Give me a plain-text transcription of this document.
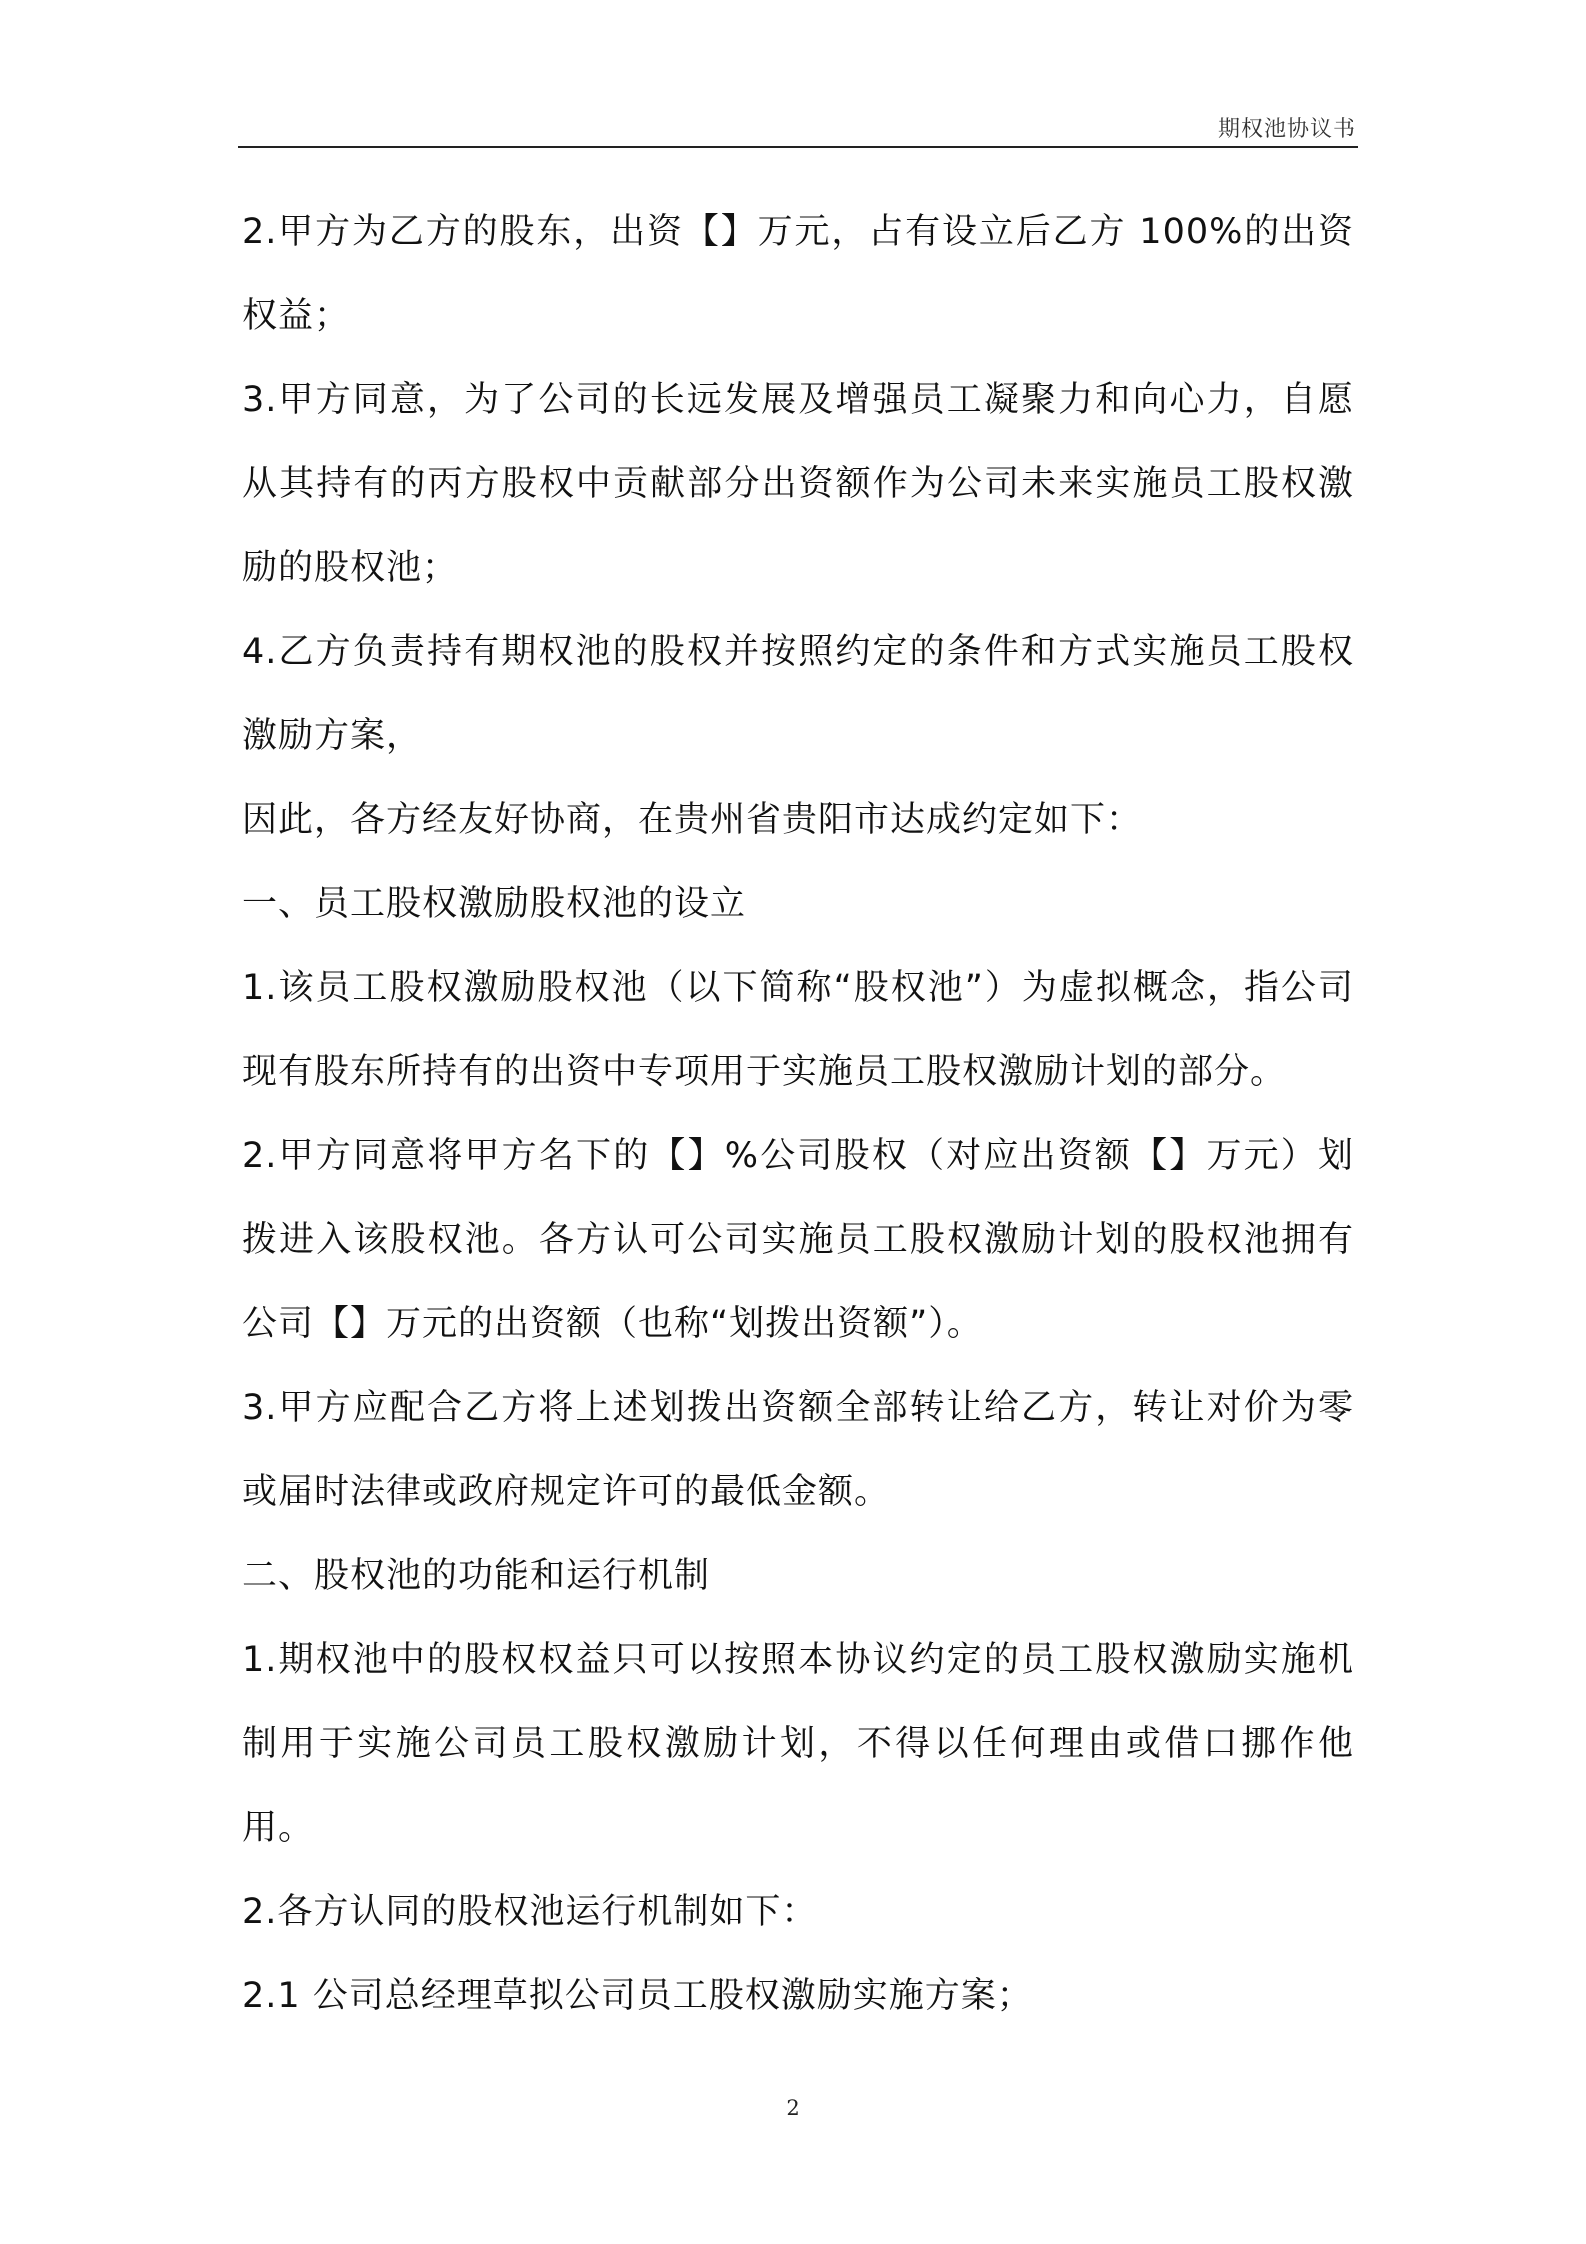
期权池协议书

2.甲方为乙方的股东，出资【】万元，占有设立后乙方 100%的出资权益；

3.甲方同意，为了公司的长远发展及增强员工凝聚力和向心力，自愿从其持有的丙方股权中贡献部分出资额作为公司未来实施员工股权激励的股权池；

4.乙方负责持有期权池的股权并按照约定的条件和方式实施员工股权激励方案，

因此，各方经友好协商，在贵州省贵阳市达成约定如下：

一、员工股权激励股权池的设立

1.该员工股权激励股权池（以下简称“股权池”）为虚拟概念，指公司现有股东所持有的出资中专项用于实施员工股权激励计划的部分。

2.甲方同意将甲方名下的【】%公司股权（对应出资额【】万元）划拨进入该股权池。各方认可公司实施员工股权激励计划的股权池拥有公司【】万元的出资额（也称“划拨出资额”）。

3.甲方应配合乙方将上述划拨出资额全部转让给乙方，转让对价为零或届时法律或政府规定许可的最低金额。

二、股权池的功能和运行机制

1.期权池中的股权权益只可以按照本协议约定的员工股权激励实施机制用于实施公司员工股权激励计划，不得以任何理由或借口挪作他用。

2.各方认同的股权池运行机制如下：

2.1 公司总经理草拟公司员工股权激励实施方案；

2
